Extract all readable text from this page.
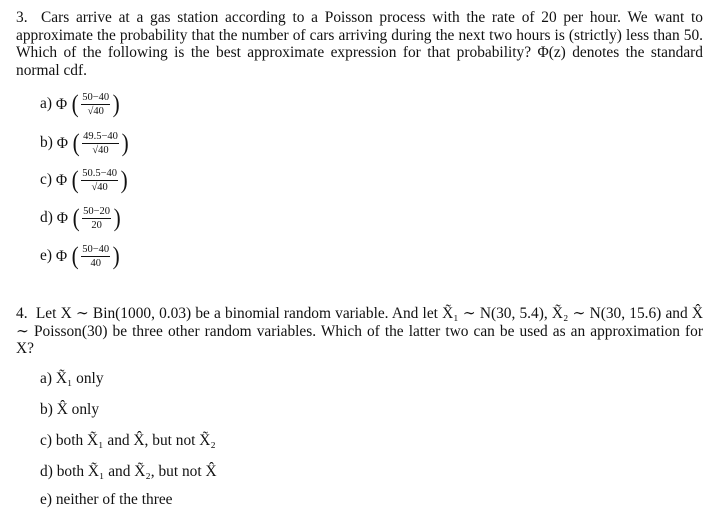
3.  Cars arrive at a gas station according to a Poisson process with the rate of 20 per hour. We want to approximate the probability that the number of cars arriving during the next two hours is (strictly) less than 50. Which of the following is the best approximate expression for that probability? Φ(z) denotes the standard normal cdf.
a) Φ
( $\frac{50-40}{√40}$ )
b) Φ
( $\frac{49.5-40}{√40}$ )
c) Φ
( $\frac{50.5-40}{√40}$ )
d) Φ
( $\frac{50-20}{20}$ )
e) Φ
( $\frac{50-40}{40}$ )
4.  Let X ∼ Bin(1000, 0.03) be a binomial random variable. And let X̃₁ ∼ N(30, 5.4), X̃₂ ∼ N(30, 15.6) and X̂ ∼ Poisson(30) be three other random variables. Which of the latter two can be used as an approximation for X?
a) X̃₁ only
b) X̂ only
c) both X̃₁ and X̂, but not X̃₂
d) both X̃₁ and X̃₂, but not X̂
e) neither of the three
